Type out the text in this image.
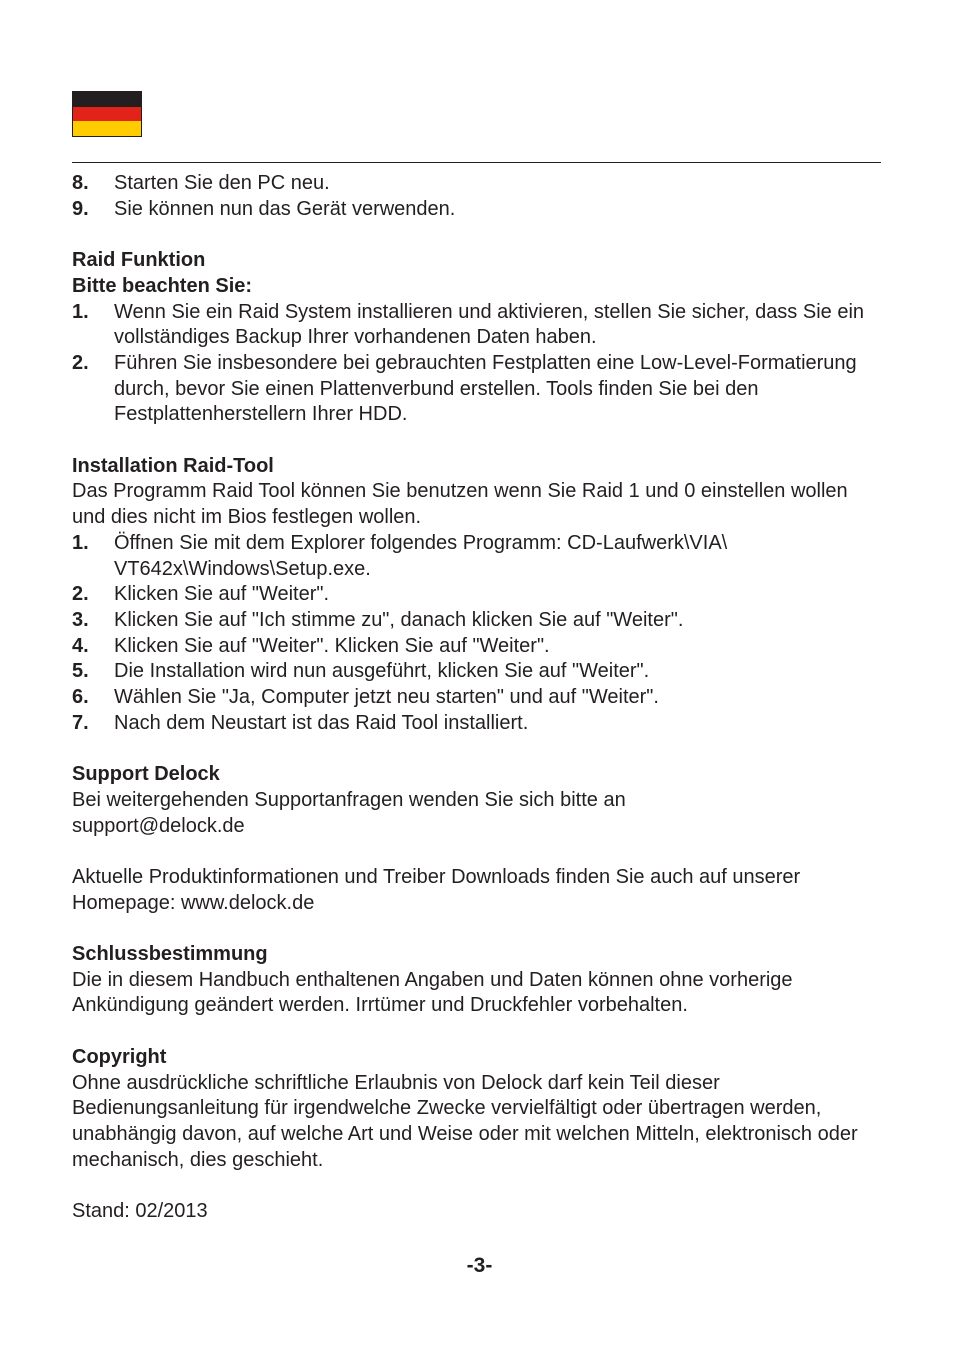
8.	Starten Sie den PC neu.
9.	Sie können nun das Gerät verwenden.

Raid Funktion

Bitte beachten Sie:

1.	Wenn Sie ein Raid System installieren und aktivieren, stellen Sie sicher, dass Sie ein vollständiges Backup Ihrer vorhandenen Daten haben.
2.	Führen Sie insbesondere bei gebrauchten Festplatten eine Low-Level-Formatierung durch, bevor Sie einen Plattenverbund erstellen. Tools finden Sie bei den Festplattenherstellern Ihrer HDD.

Installation Raid-Tool

Das Programm Raid Tool können Sie benutzen wenn Sie Raid 1 und 0 einstellen wollen und dies nicht im Bios festlegen wollen.

1.	Öffnen Sie mit dem Explorer folgendes Programm: CD-Laufwerk\VIA\ VT642x\Windows\Setup.exe.
2.	Klicken Sie auf "Weiter".
3.	Klicken Sie auf "Ich stimme zu", danach klicken Sie auf "Weiter".
4.	Klicken Sie auf "Weiter". Klicken Sie auf "Weiter".
5.	Die Installation wird nun ausgeführt, klicken Sie auf "Weiter".
6.	Wählen Sie "Ja, Computer jetzt neu starten" und auf "Weiter".
7.	Nach dem Neustart ist das Raid Tool installiert.

Support Delock

Bei weitergehenden Supportanfragen wenden Sie sich bitte an

support@delock.de

Aktuelle Produktinformationen und Treiber Downloads finden Sie auch auf unserer Homepage: www.delock.de

Schlussbestimmung

Die in diesem Handbuch enthaltenen Angaben und Daten können ohne vorherige Ankündigung geändert werden. Irrtümer und Druckfehler vorbehalten.

Copyright

Ohne ausdrückliche schriftliche Erlaubnis von Delock darf kein Teil dieser Bedienungsanleitung für irgendwelche Zwecke vervielfältigt oder übertragen werden, unabhängig davon, auf welche Art und Weise oder mit welchen Mitteln, elektronisch oder mechanisch, dies geschieht.

Stand: 02/2013

-3-
